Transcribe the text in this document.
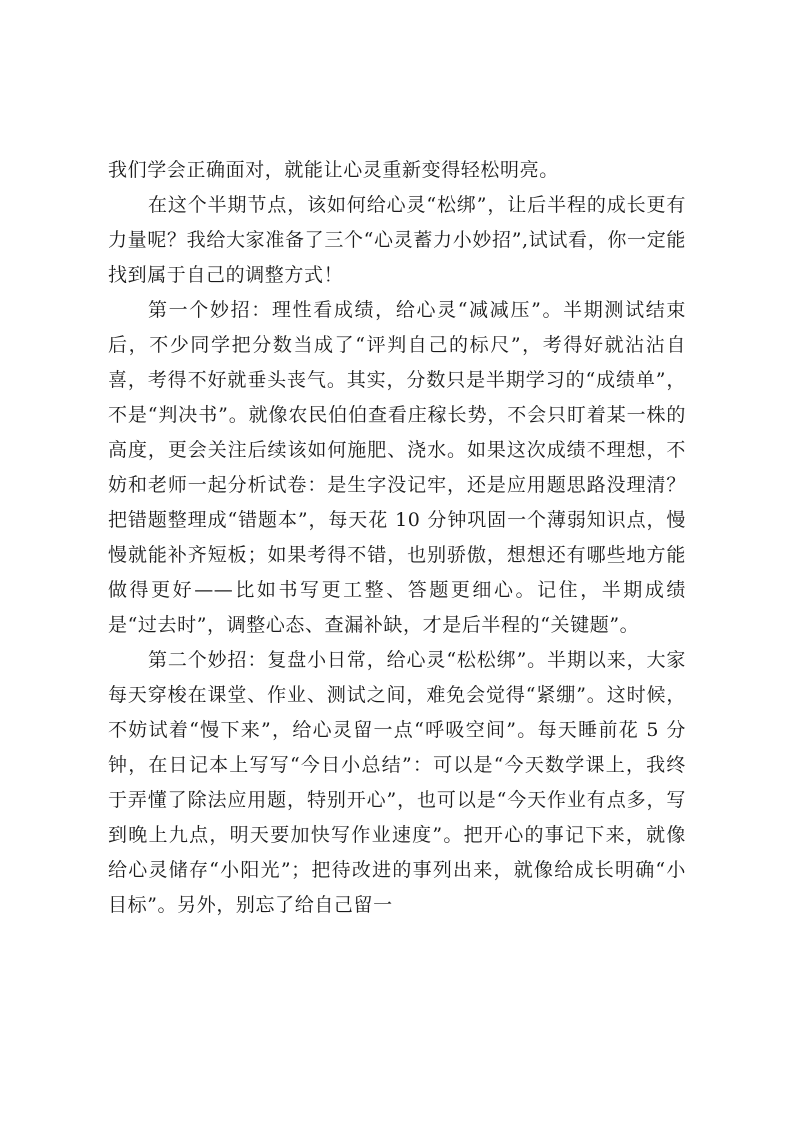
我们学会正确面对，就能让心灵重新变得轻松明亮。

在这个半期节点，该如何给心灵“松绑”，让后半程的成长更有力量呢？我给大家准备了三个“心灵蓄力小妙招”,试试看，你一定能找到属于自己的调整方式！

第一个妙招：理性看成绩，给心灵“减减压”。半期测试结束后，不少同学把分数当成了“评判自己的标尺”，考得好就沾沾自喜，考得不好就垂头丧气。其实，分数只是半期学习的“成绩单”，不是“判决书”。就像农民伯伯查看庄稼长势，不会只盯着某一株的高度，更会关注后续该如何施肥、浇水。如果这次成绩不理想，不妨和老师一起分析试卷：是生字没记牢，还是应用题思路没理清？把错题整理成“错题本”，每天花 10 分钟巩固一个薄弱知识点，慢慢就能补齐短板；如果考得不错，也别骄傲，想想还有哪些地方能做得更好——比如书写更工整、答题更细心。记住，半期成绩是“过去时”，调整心态、查漏补缺，才是后半程的“关键题”。

第二个妙招：复盘小日常，给心灵“松松绑”。半期以来，大家每天穿梭在课堂、作业、测试之间，难免会觉得“紧绷”。这时候，不妨试着“慢下来”，给心灵留一点“呼吸空间”。每天睡前花 5 分钟，在日记本上写写“今日小总结”：可以是“今天数学课上，我终于弄懂了除法应用题，特别开心”，也可以是“今天作业有点多，写到晚上九点，明天要加快写作业速度”。把开心的事记下来，就像给心灵储存“小阳光”；把待改进的事列出来，就像给成长明确“小目标”。另外，别忘了给自己留一
